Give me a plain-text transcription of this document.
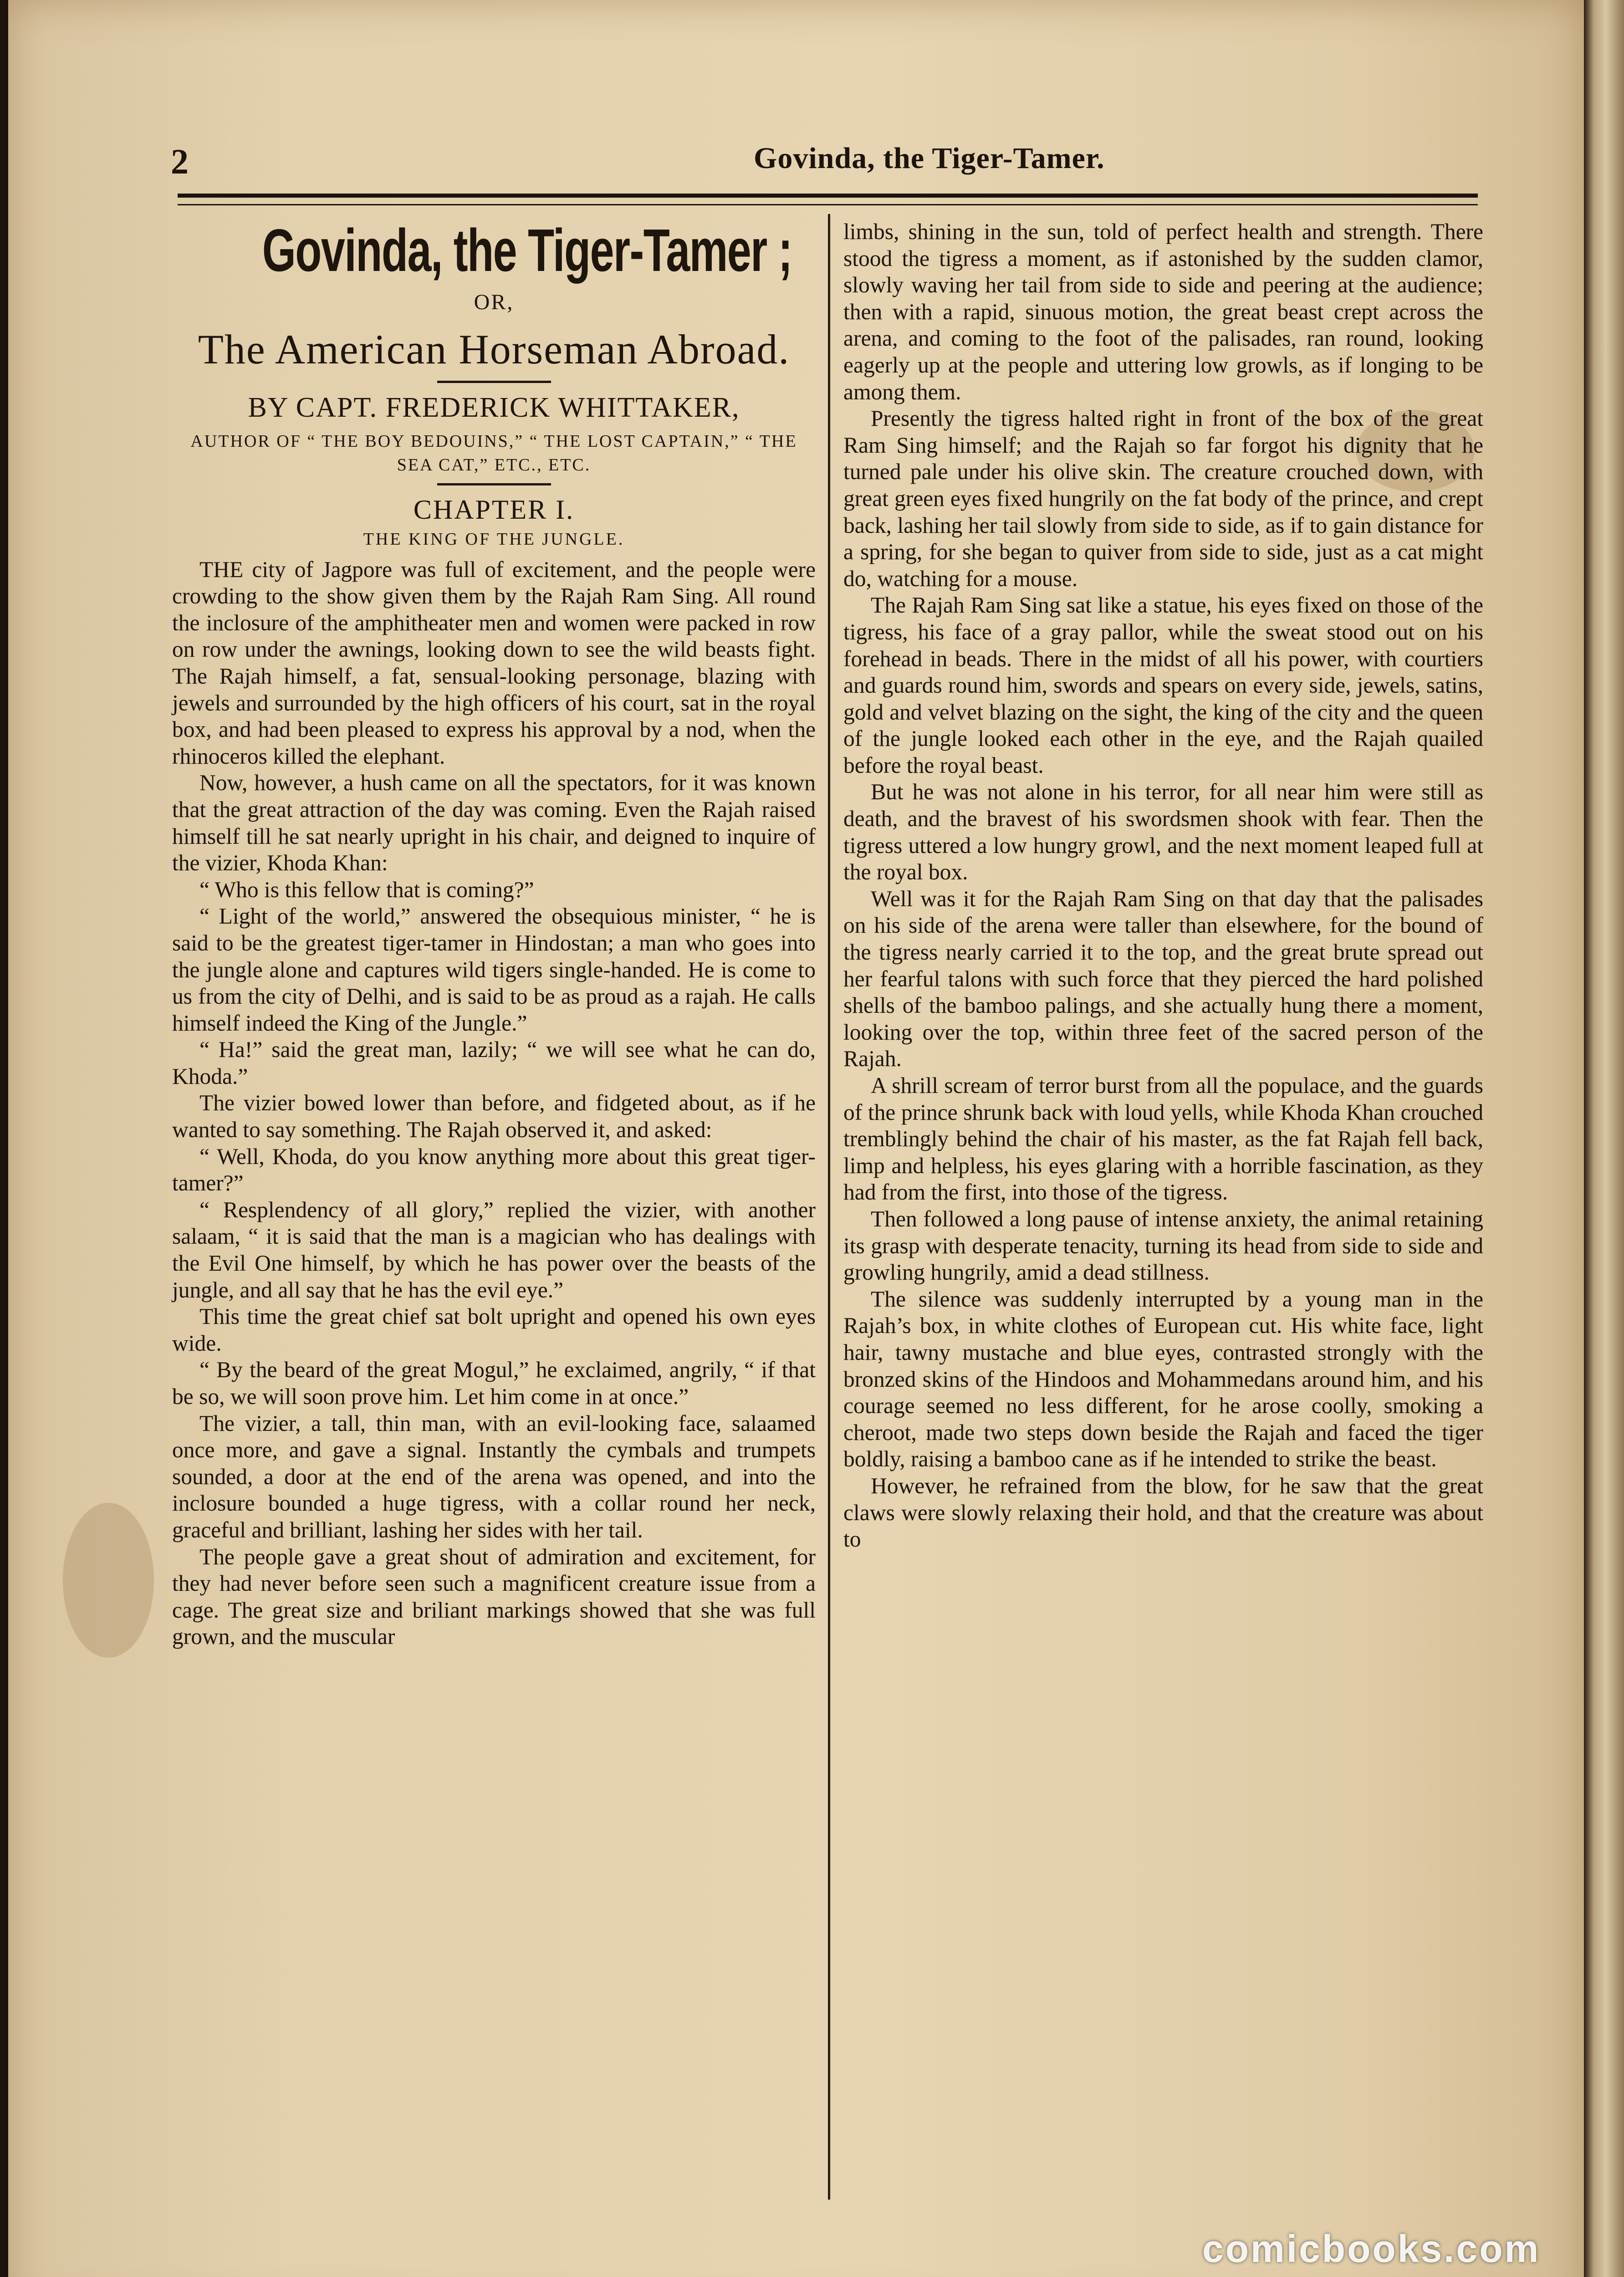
2	Govinda, the Tiger-Tamer.
Govinda, the Tiger-Tamer ;
OR,
The American Horseman Abroad.
BY CAPT. FREDERICK WHITTAKER,
AUTHOR OF “ THE BOY BEDOUINS,” “ THE LOST CAPTAIN,” “ THE SEA CAT,” ETC., ETC.
CHAPTER I.
THE KING OF THE JUNGLE.

THE city of Jagpore was full of excitement, and the people were crowding to the show given them by the Rajah Ram Sing. All round the inclosure of the amphitheater men and women were packed in row on row under the awnings, looking down to see the wild beasts fight. The Rajah himself, a fat, sensual-looking personage, blazing with jewels and surrounded by the high officers of his court, sat in the royal box, and had been pleased to express his approval by a nod, when the rhinoceros killed the elephant.

Now, however, a hush came on all the spectators, for it was known that the great attraction of the day was coming. Even the Rajah raised himself till he sat nearly upright in his chair, and deigned to inquire of the vizier, Khoda Khan:

“ Who is this fellow that is coming?”

“ Light of the world,” answered the obsequious minister, “ he is said to be the greatest tiger-tamer in Hindostan; a man who goes into the jungle alone and captures wild tigers single-handed. He is come to us from the city of Delhi, and is said to be as proud as a rajah. He calls himself indeed the King of the Jungle.”

“ Ha!” said the great man, lazily; “ we will see what he can do, Khoda.”

The vizier bowed lower than before, and fidgeted about, as if he wanted to say something. The Rajah observed it, and asked:

“ Well, Khoda, do you know anything more about this great tiger-tamer?”

“ Resplendency of all glory,” replied the vizier, with another salaam, “ it is said that the man is a magician who has dealings with the Evil One himself, by which he has power over the beasts of the jungle, and all say that he has the evil eye.”

This time the great chief sat bolt upright and opened his own eyes wide.

“ By the beard of the great Mogul,” he exclaimed, angrily, “ if that be so, we will soon prove him. Let him come in at once.”

The vizier, a tall, thin man, with an evil-looking face, salaamed once more, and gave a signal. Instantly the cymbals and trumpets sounded, a door at the end of the arena was opened, and into the inclosure bounded a huge tigress, with a collar round her neck, graceful and brilliant, lashing her sides with her tail.

The people gave a great shout of admiration and excitement, for they had never before seen such a magnificent creature issue from a cage. The great size and briliant markings showed that she was full grown, and the muscular

limbs, shining in the sun, told of perfect health and strength. There stood the tigress a moment, as if astonished by the sudden clamor, slowly waving her tail from side to side and peering at the audience; then with a rapid, sinuous motion, the great beast crept across the arena, and coming to the foot of the palisades, ran round, looking eagerly up at the people and uttering low growls, as if longing to be among them.

Presently the tigress halted right in front of the box of the great Ram Sing himself; and the Rajah so far forgot his dignity that he turned pale under his olive skin. The creature crouched down, with great green eyes fixed hungrily on the fat body of the prince, and crept back, lashing her tail slowly from side to side, as if to gain distance for a spring, for she began to quiver from side to side, just as a cat might do, watching for a mouse.

The Rajah Ram Sing sat like a statue, his eyes fixed on those of the tigress, his face of a gray pallor, while the sweat stood out on his forehead in beads. There in the midst of all his power, with courtiers and guards round him, swords and spears on every side, jewels, satins, gold and velvet blazing on the sight, the king of the city and the queen of the jungle looked each other in the eye, and the Rajah quailed before the royal beast.

But he was not alone in his terror, for all near him were still as death, and the bravest of his swordsmen shook with fear. Then the tigress uttered a low hungry growl, and the next moment leaped full at the royal box.

Well was it for the Rajah Ram Sing on that day that the palisades on his side of the arena were taller than elsewhere, for the bound of the tigress nearly carried it to the top, and the great brute spread out her fearful talons with such force that they pierced the hard polished shells of the bamboo palings, and she actually hung there a moment, looking over the top, within three feet of the sacred person of the Rajah.

A shrill scream of terror burst from all the populace, and the guards of the prince shrunk back with loud yells, while Khoda Khan crouched tremblingly behind the chair of his master, as the fat Rajah fell back, limp and helpless, his eyes glaring with a horrible fascination, as they had from the first, into those of the tigress.

Then followed a long pause of intense anxiety, the animal retaining its grasp with desperate tenacity, turning its head from side to side and growling hungrily, amid a dead stillness.

The silence was suddenly interrupted by a young man in the Rajah’s box, in white clothes of European cut. His white face, light hair, tawny mustache and blue eyes, contrasted strongly with the bronzed skins of the Hindoos and Mohammedans around him, and his courage seemed no less different, for he arose coolly, smoking a cheroot, made two steps down beside the Rajah and faced the tiger boldly, raising a bamboo cane as if he intended to strike the beast.

However, he refrained from the blow, for he saw that the great claws were slowly relaxing their hold, and that the creature was about to

comicbooks.com
